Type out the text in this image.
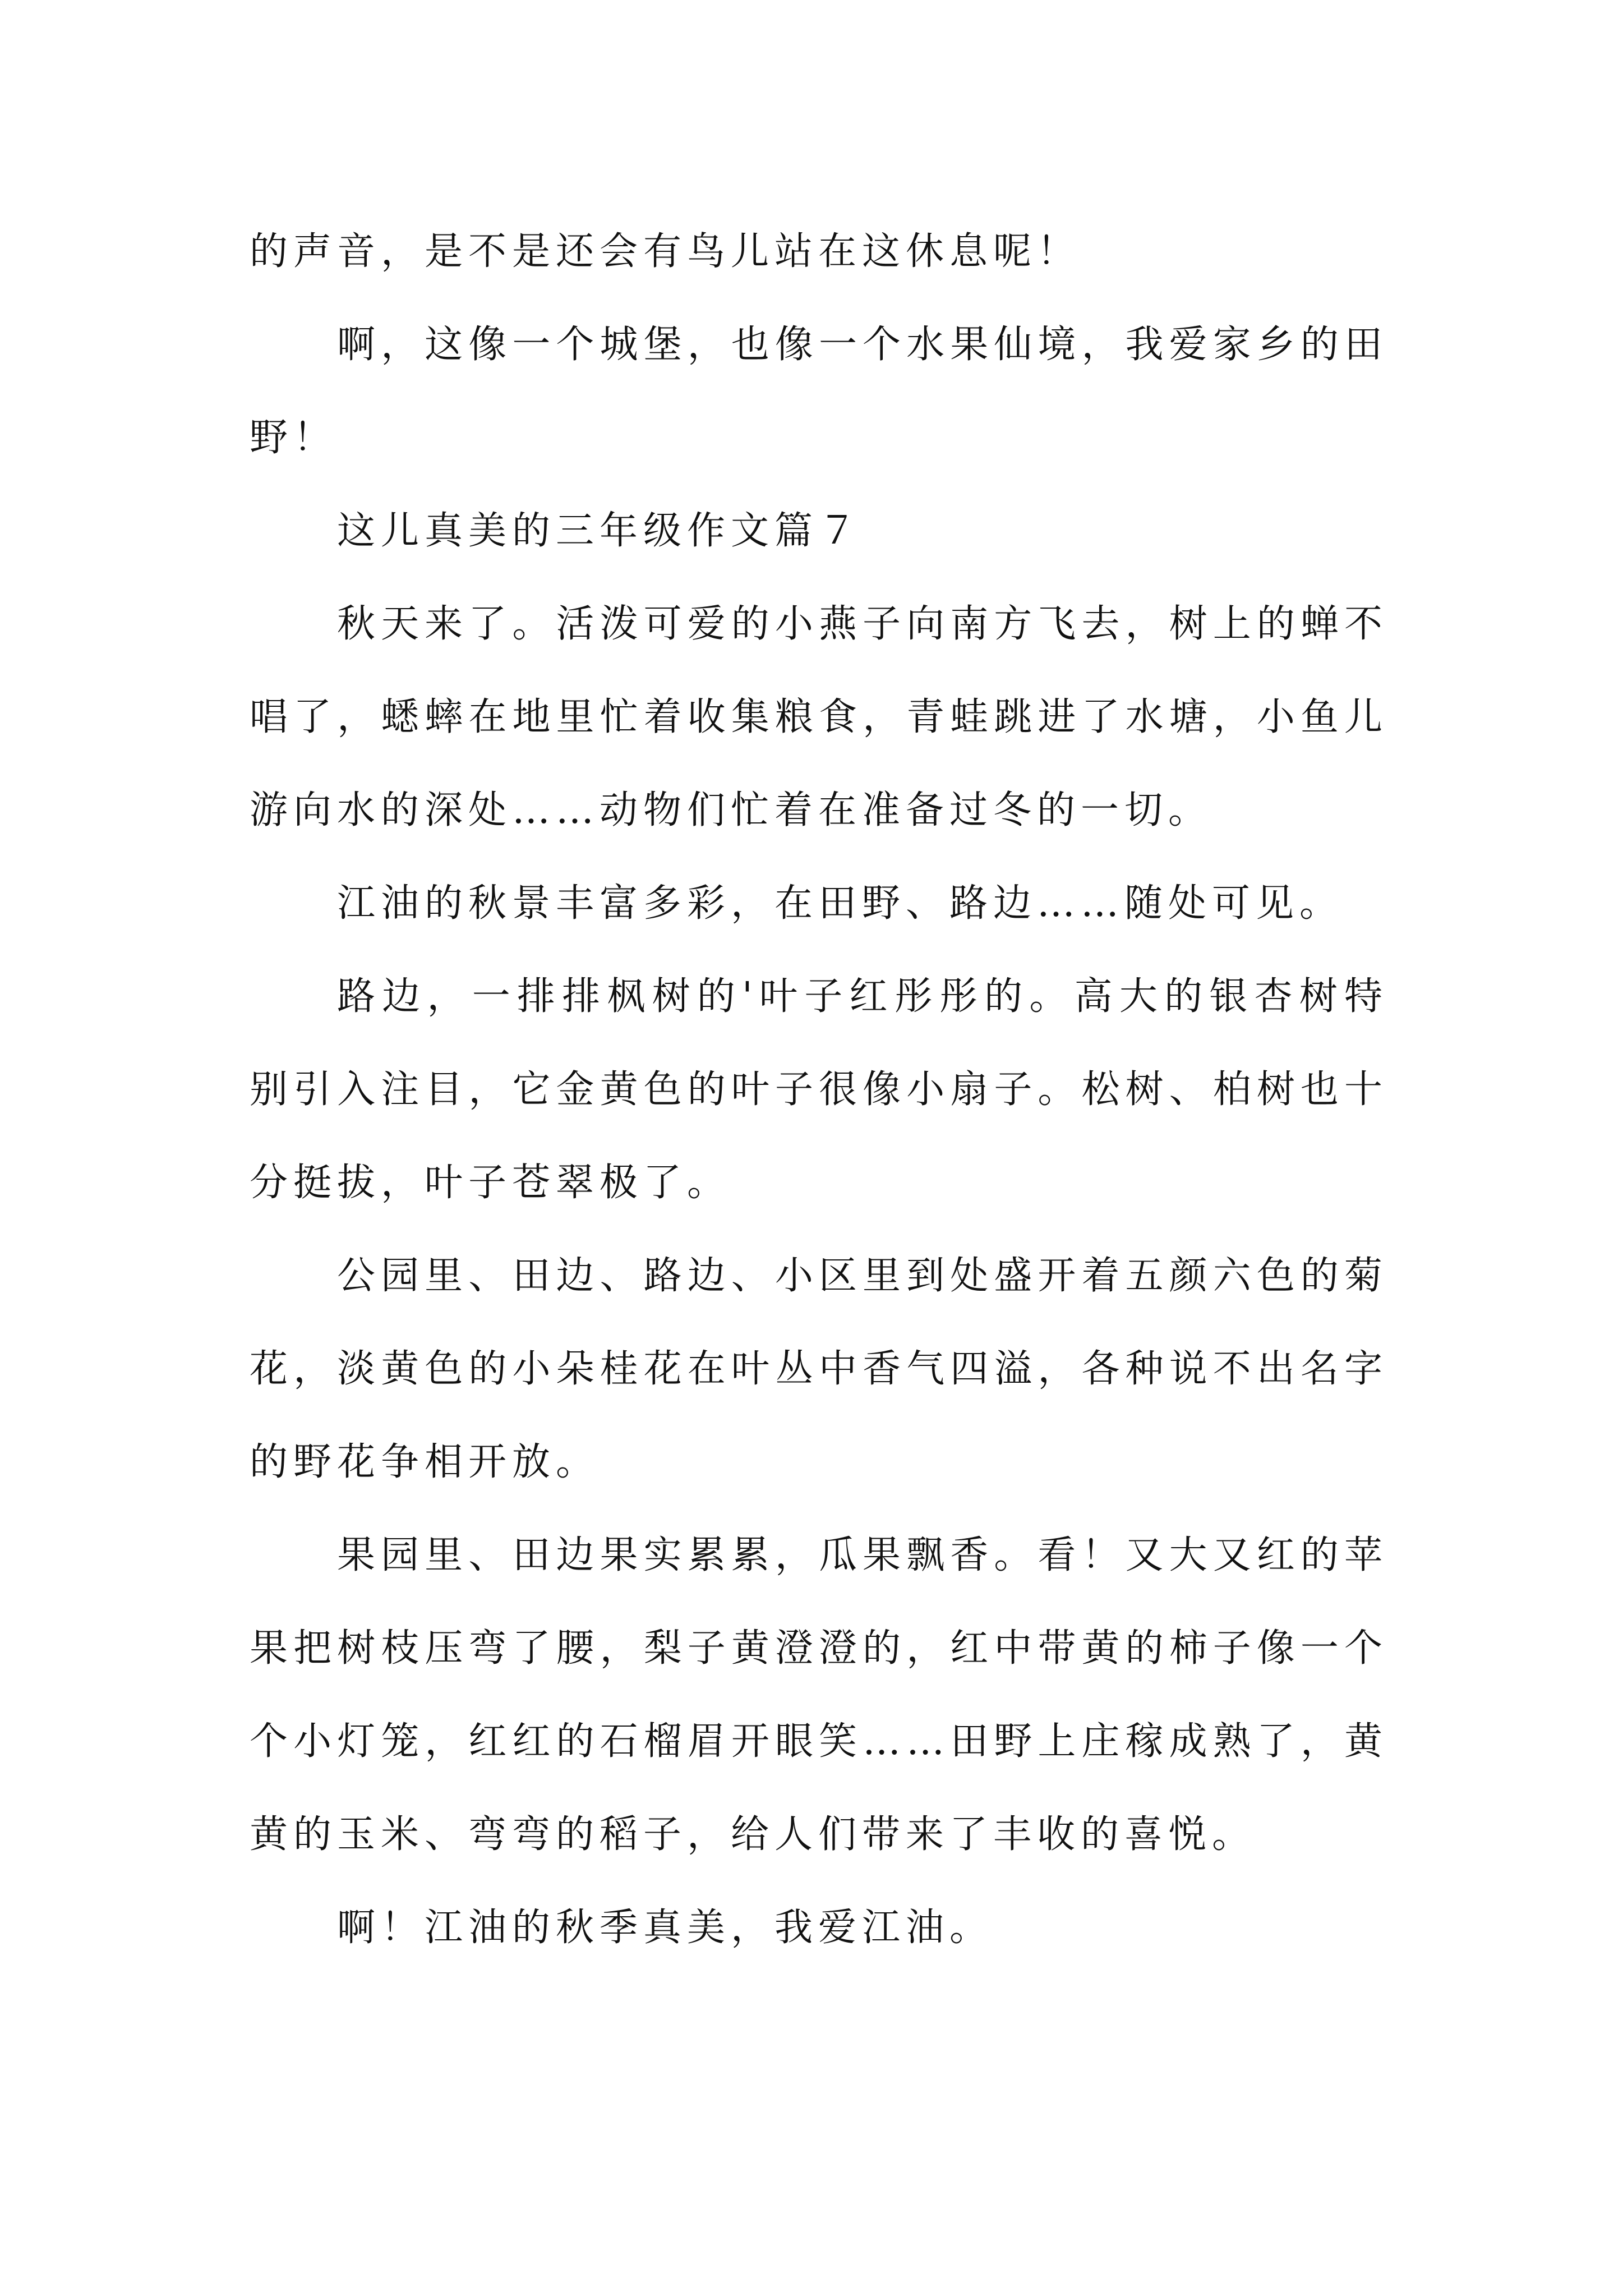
的声音，是不是还会有鸟儿站在这休息呢！

啊，这像一个城堡，也像一个水果仙境，我爱家乡的田野！

这儿真美的三年级作文篇７

秋天来了。活泼可爱的小燕子向南方飞去，树上的蝉不唱了，蟋蟀在地里忙着收集粮食，青蛙跳进了水塘，小鱼儿游向水的深处……动物们忙着在准备过冬的一切。

江油的秋景丰富多彩，在田野、路边……随处可见。

路边，一排排枫树的'叶子红彤彤的。高大的银杏树特别引入注目，它金黄色的叶子很像小扇子。松树、柏树也十分挺拔，叶子苍翠极了。

公园里、田边、路边、小区里到处盛开着五颜六色的菊花，淡黄色的小朵桂花在叶丛中香气四溢，各种说不出名字的野花争相开放。

果园里、田边果实累累，瓜果飘香。看！又大又红的苹果把树枝压弯了腰，梨子黄澄澄的，红中带黄的柿子像一个个小灯笼，红红的石榴眉开眼笑……田野上庄稼成熟了，黄黄的玉米、弯弯的稻子，给人们带来了丰收的喜悦。

啊！江油的秋季真美，我爱江油。
